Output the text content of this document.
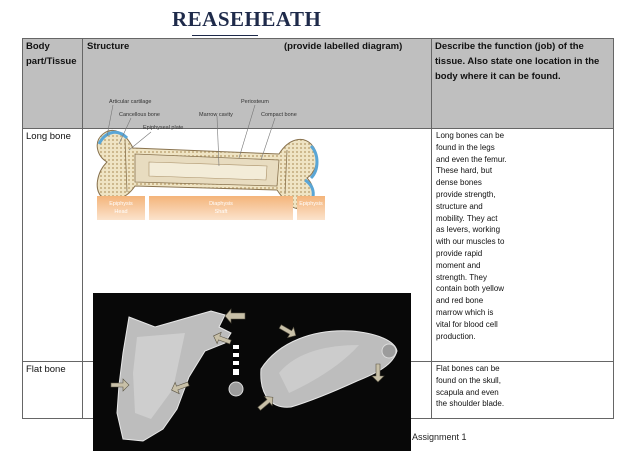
REASEHEATH
Body part/Tissue
Structure	(provide labelled diagram)	Describe the function (job) of the tissue. Also state one location in the body where it can be found.
Long bone
Flat bone
Long bones can be found in the legs and even the femur. These hard, but dense bones provide strength, structure and mobility. They act as levers, working with our muscles to provide rapid moment and strength. They contain both yellow and red bone marrow which is vital for blood cell production.
Flat bones can be found on the skull, scapula and even the shoulder blade.
Articular cartilage
Cancellous bone
Epiphyseal plate
Marrow cavity
Periosteum
Compact bone
Epiphysis
Head
Diaphysis
Shaft
Epiphysis
Assignment 1
